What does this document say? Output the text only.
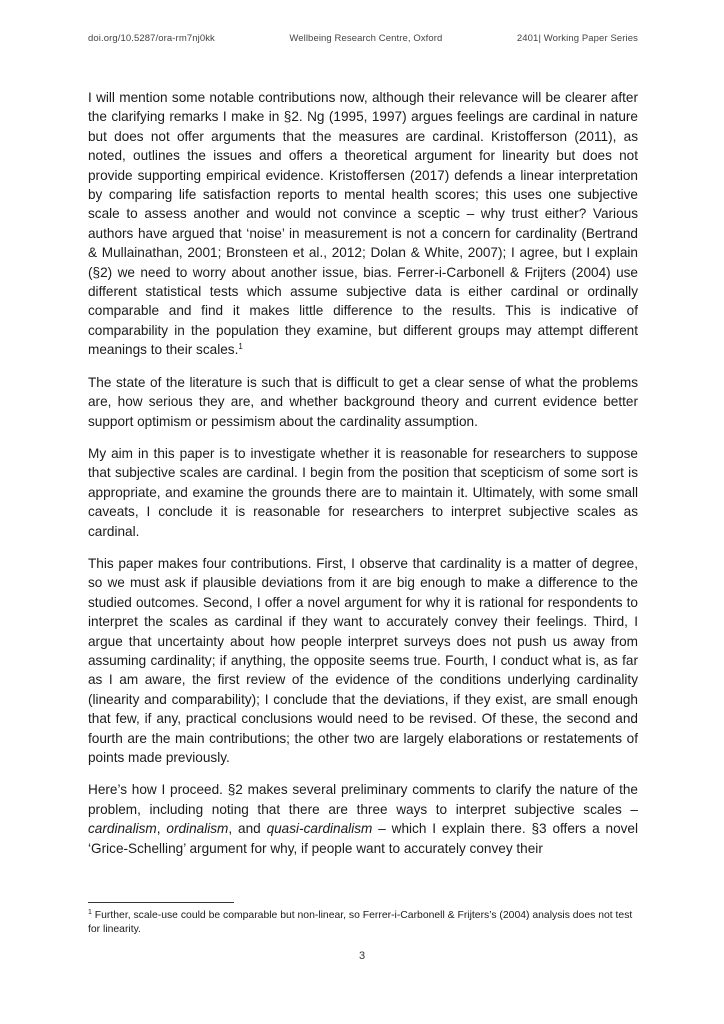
doi.org/10.5287/ora-rm7nj0kk	Wellbeing Research Centre, Oxford	2401| Working Paper Series

I will mention some notable contributions now, although their relevance will be clearer after the clarifying remarks I make in §2. Ng (1995, 1997) argues feelings are cardinal in nature but does not offer arguments that the measures are cardinal. Kristofferson (2011), as noted, outlines the issues and offers a theoretical argument for linearity but does not provide supporting empirical evidence. Kristoffersen (2017) defends a linear interpretation by comparing life satisfaction reports to mental health scores; this uses one subjective scale to assess another and would not convince a sceptic – why trust either? Various authors have argued that ‘noise’ in measurement is not a concern for cardinality (Bertrand & Mullainathan, 2001; Bronsteen et al., 2012; Dolan & White, 2007); I agree, but I explain (§2) we need to worry about another issue, bias. Ferrer-i-Carbonell & Frijters (2004) use different statistical tests which assume subjective data is either cardinal or ordinally comparable and find it makes little difference to the results. This is indicative of comparability in the population they examine, but different groups may attempt different meanings to their scales.$^1$

The state of the literature is such that is difficult to get a clear sense of what the problems are, how serious they are, and whether background theory and current evidence better support optimism or pessimism about the cardinality assumption.

My aim in this paper is to investigate whether it is reasonable for researchers to suppose that subjective scales are cardinal. I begin from the position that scepticism of some sort is appropriate, and examine the grounds there are to maintain it. Ultimately, with some small caveats, I conclude it is reasonable for researchers to interpret subjective scales as cardinal.

This paper makes four contributions. First, I observe that cardinality is a matter of degree, so we must ask if plausible deviations from it are big enough to make a difference to the studied outcomes. Second, I offer a novel argument for why it is rational for respondents to interpret the scales as cardinal if they want to accurately convey their feelings. Third, I argue that uncertainty about how people interpret surveys does not push us away from assuming cardinality; if anything, the opposite seems true. Fourth, I conduct what is, as far as I am aware, the first review of the evidence of the conditions underlying cardinality (linearity and comparability); I conclude that the deviations, if they exist, are small enough that few, if any, practical conclusions would need to be revised. Of these, the second and fourth are the main contributions; the other two are largely elaborations or restatements of points made previously.

Here’s how I proceed. §2 makes several preliminary comments to clarify the nature of the problem, including noting that there are three ways to interpret subjective scales – cardinalism, ordinalism, and quasi-cardinalism – which I explain there. §3 offers a novel ‘Grice-Schelling’ argument for why, if people want to accurately convey their

$^1$ Further, scale-use could be comparable but non-linear, so Ferrer-i-Carbonell & Frijters’s (2004) analysis does not test for linearity.
3
